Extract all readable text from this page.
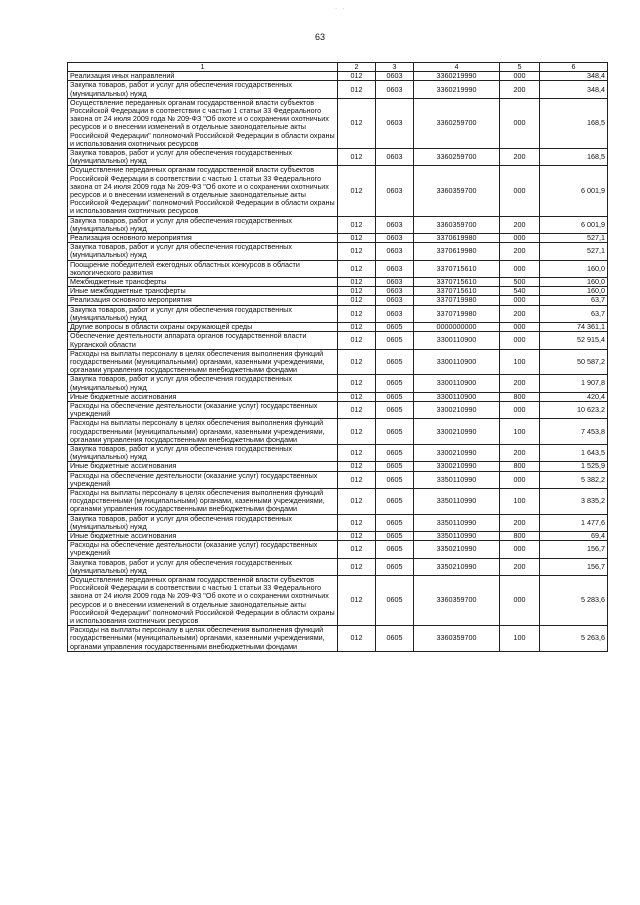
· ·
63
1	2	3	4	5	6
Реализация иных направлений	012	0603	3360219990	000	348,4
Закупка товаров, работ и услуг для обеспечения государственных (муниципальных) нужд	012	0603	3360219990	200	348,4
Осуществление переданных органам государственной власти субъектов Российской Федерации в соответствии с частью 1 статьи 33 Федерального закона от 24 июля 2009 года № 209-ФЗ "Об охоте и о сохранении охотничьих ресурсов и о внесении изменений в отдельные законодательные акты Российской Федерации" полномочий Российской Федерации в области охраны и использования охотничьих ресурсов	012	0603	3360259700	000	168,5
Закупка товаров, работ и услуг для обеспечения государственных (муниципальных) нужд	012	0603	3360259700	200	168,5
Осуществление переданных органам государственной власти субъектов Российской Федерации в соответствии с частью 1 статьи 33 Федерального закона от 24 июля 2009 года № 209-ФЗ "Об охоте и о сохранении охотничьих ресурсов и о внесении изменений в отдельные законодательные акты Российской Федерации" полномочий Российской Федерации в области охраны и использования охотничьих ресурсов	012	0603	3360359700	000	6 001,9
Закупка товаров, работ и услуг для обеспечения государственных (муниципальных) нужд	012	0603	3360359700	200	6 001,9
Реализация основного мероприятия	012	0603	3370619980	000	527,1
Закупка товаров, работ и услуг для обеспечения государственных (муниципальных) нужд	012	0603	3370619980	200	527,1
Поощрение победителей ежегодных областных конкурсов в области экологического развития	012	0603	3370715610	000	160,0
Межбюджетные трансферты	012	0603	3370715610	500	160,0
Иные межбюджетные трансферты	012	0603	3370715610	540	160,0
Реализация основного мероприятия	012	0603	3370719980	000	63,7
Закупка товаров, работ и услуг для обеспечения государственных (муниципальных) нужд	012	0603	3370719980	200	63,7
Другие вопросы в области охраны окружающей среды	012	0605	0000000000	000	74 361,1
Обеспечение деятельности аппарата органов государственной власти Курганской области	012	0605	3300110900	000	52 915,4
Расходы на выплаты персоналу в целях обеспечения выполнения функций государственными (муниципальными) органами, казенными учреждениями, органами управления государственными внебюджетными фондами	012	0605	3300110900	100	50 587,2
Закупка товаров, работ и услуг для обеспечения государственных (муниципальных) нужд	012	0605	3300110900	200	1 907,8
Иные бюджетные ассигнования	012	0605	3300110900	800	420,4
Расходы на обеспечение деятельности (оказание услуг) государственных учреждений	012	0605	3300210990	000	10 623,2
Расходы на выплаты персоналу в целях обеспечения выполнения функций государственными (муниципальными) органами, казенными учреждениями, органами управления государственными внебюджетными фондами	012	0605	3300210990	100	7 453,8
Закупка товаров, работ и услуг для обеспечения государственных (муниципальных) нужд	012	0605	3300210990	200	1 643,5
Иные бюджетные ассигнования	012	0605	3300210990	800	1 525,9
Расходы на обеспечение деятельности (оказание услуг) государственных учреждений	012	0605	3350110990	000	5 382,2
Расходы на выплаты персоналу в целях обеспечения выполнения функций государственными (муниципальными) органами, казенными учреждениями, органами управления государственными внебюджетными фондами	012	0605	3350110990	100	3 835,2
Закупка товаров, работ и услуг для обеспечения государственных (муниципальных) нужд	012	0605	3350110990	200	1 477,6
Иные бюджетные ассигнования	012	0605	3350110990	800	69,4
Расходы на обеспечение деятельности (оказание услуг) государственных учреждений	012	0605	3350210990	000	156,7
Закупка товаров, работ и услуг для обеспечения государственных (муниципальных) нужд	012	0605	3350210990	200	156,7
Осуществление переданных органам государственной власти субъектов Российской Федерации в соответствии с частью 1 статьи 33 Федерального закона от 24 июля 2009 года № 209-ФЗ "Об охоте и о сохранении охотничьих ресурсов и о внесении изменений в отдельные законодательные акты Российской Федерации" полномочий Российской Федерации в области охраны и использования охотничьих ресурсов	012	0605	3360359700	000	5 283,6
Расходы на выплаты персоналу в целях обеспечения выполнения функций государственными (муниципальными) органами, казенными учреждениями, органами управления государственными внебюджетными фондами	012	0605	3360359700	100	5 263,6
